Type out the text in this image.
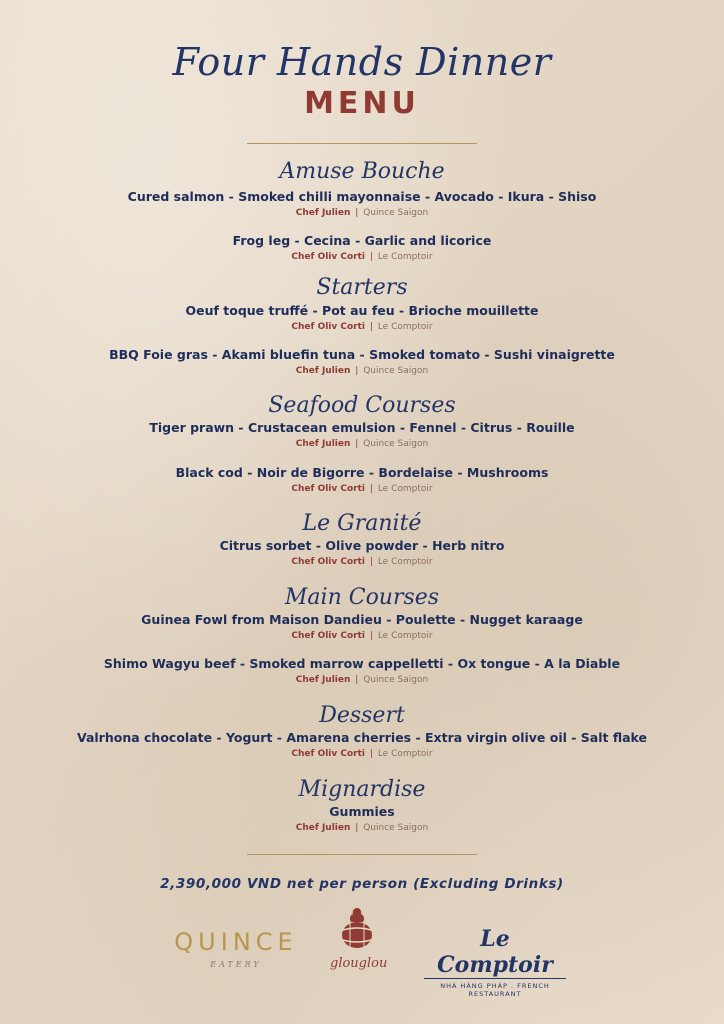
Four Hands Dinner
MENU
Amuse Bouche
Cured salmon - Smoked chilli mayonnaise - Avocado - Ikura - Shiso
Chef Julien | Quince Saigon
Frog leg - Cecina - Garlic and licorice
Chef Oliv Corti | Le Comptoir
Starters
Oeuf toque truffé - Pot au feu - Brioche mouillette
Chef Oliv Corti | Le Comptoir
BBQ Foie gras - Akami bluefin tuna - Smoked tomato - Sushi vinaigrette
Chef Julien | Quince Saigon
Seafood Courses
Tiger prawn - Crustacean emulsion - Fennel - Citrus - Rouille
Chef Julien | Quince Saigon
Black cod - Noir de Bigorre - Bordelaise - Mushrooms
Chef Oliv Corti | Le Comptoir
Le Granité
Citrus sorbet - Olive powder - Herb nitro
Chef Oliv Corti | Le Comptoir
Main Courses
Guinea Fowl from Maison Dandieu - Poulette - Nugget karaage
Chef Oliv Corti | Le Comptoir
Shimo Wagyu beef - Smoked marrow cappelletti - Ox tongue - A la Diable
Chef Julien | Quince Saigon
Dessert
Valrhona chocolate - Yogurt - Amarena cherries - Extra virgin olive oil - Salt flake
Chef Oliv Corti | Le Comptoir
Mignardise
Gummies
Chef Julien | Quince Saigon
2,390,000 VND net per person (Excluding Drinks)
QUINCE
EATERY	glouglou
Le Comptoir
NHÀ HÀNG PHÁP . FRENCH RESTAURANT
